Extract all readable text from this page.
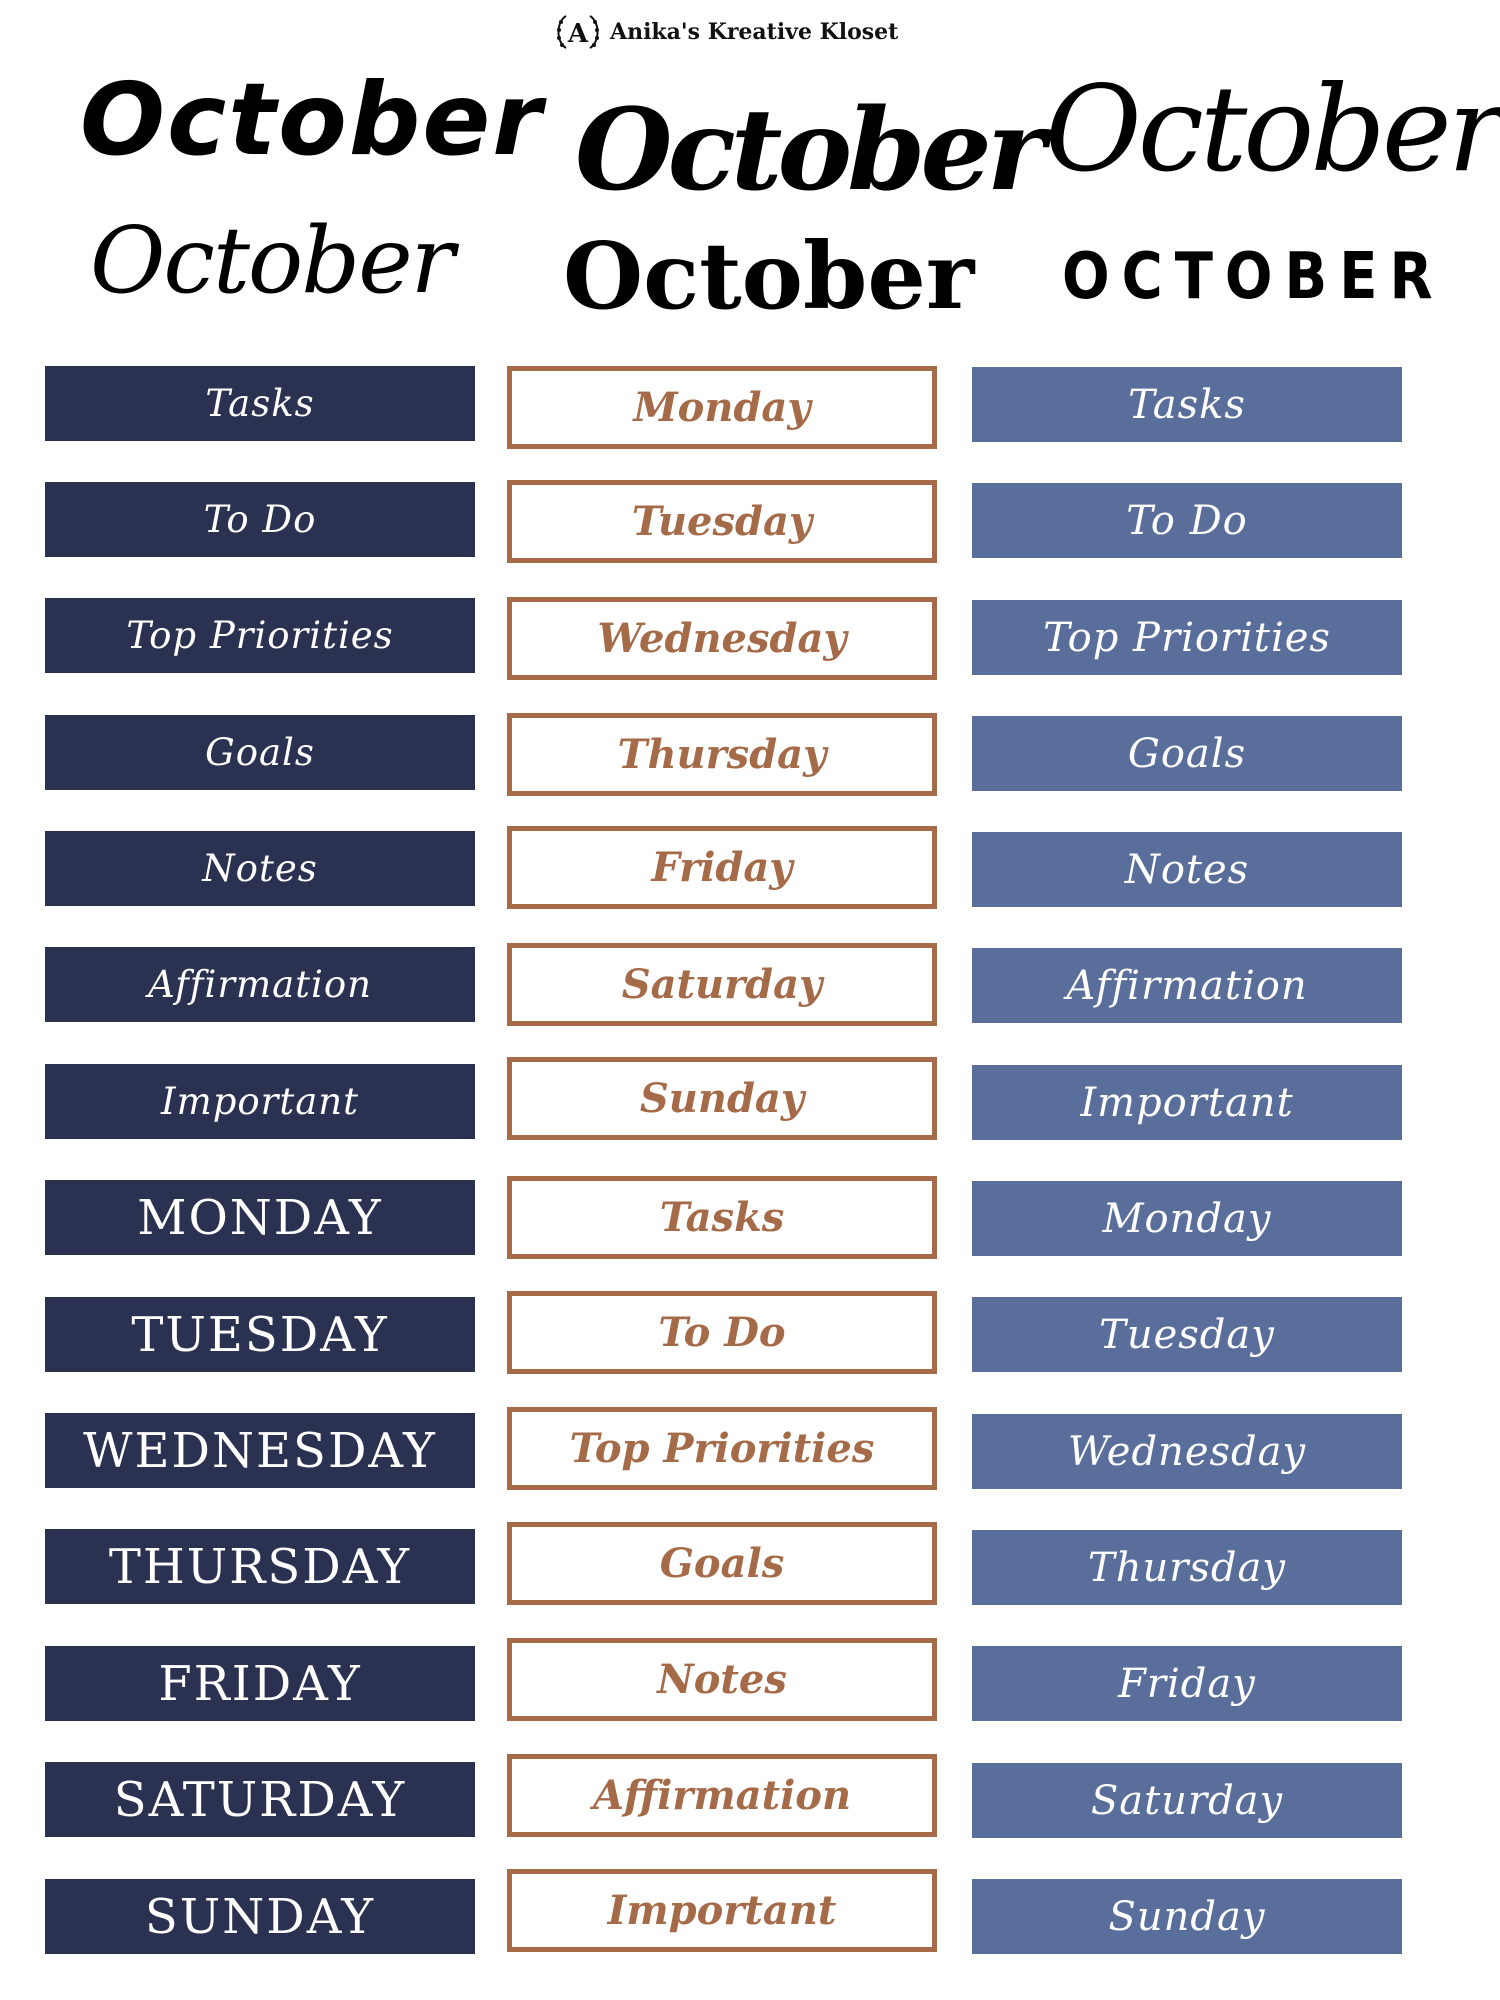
A Anika's Kreative Kloset
October
October
October
October
October
OCTOBER
Tasks
To Do
Top Priorities
Goals
Notes
Affirmation
Important
MONDAY
TUESDAY
WEDNESDAY
THURSDAY
FRIDAY
SATURDAY
SUNDAY
Monday
Tuesday
Wednesday
Thursday
Friday
Saturday
Sunday
Tasks
To Do
Top Priorities
Goals
Notes
Affirmation
Important
Tasks
To Do
Top Priorities
Goals
Notes
Affirmation
Important
Monday
Tuesday
Wednesday
Thursday
Friday
Saturday
Sunday
